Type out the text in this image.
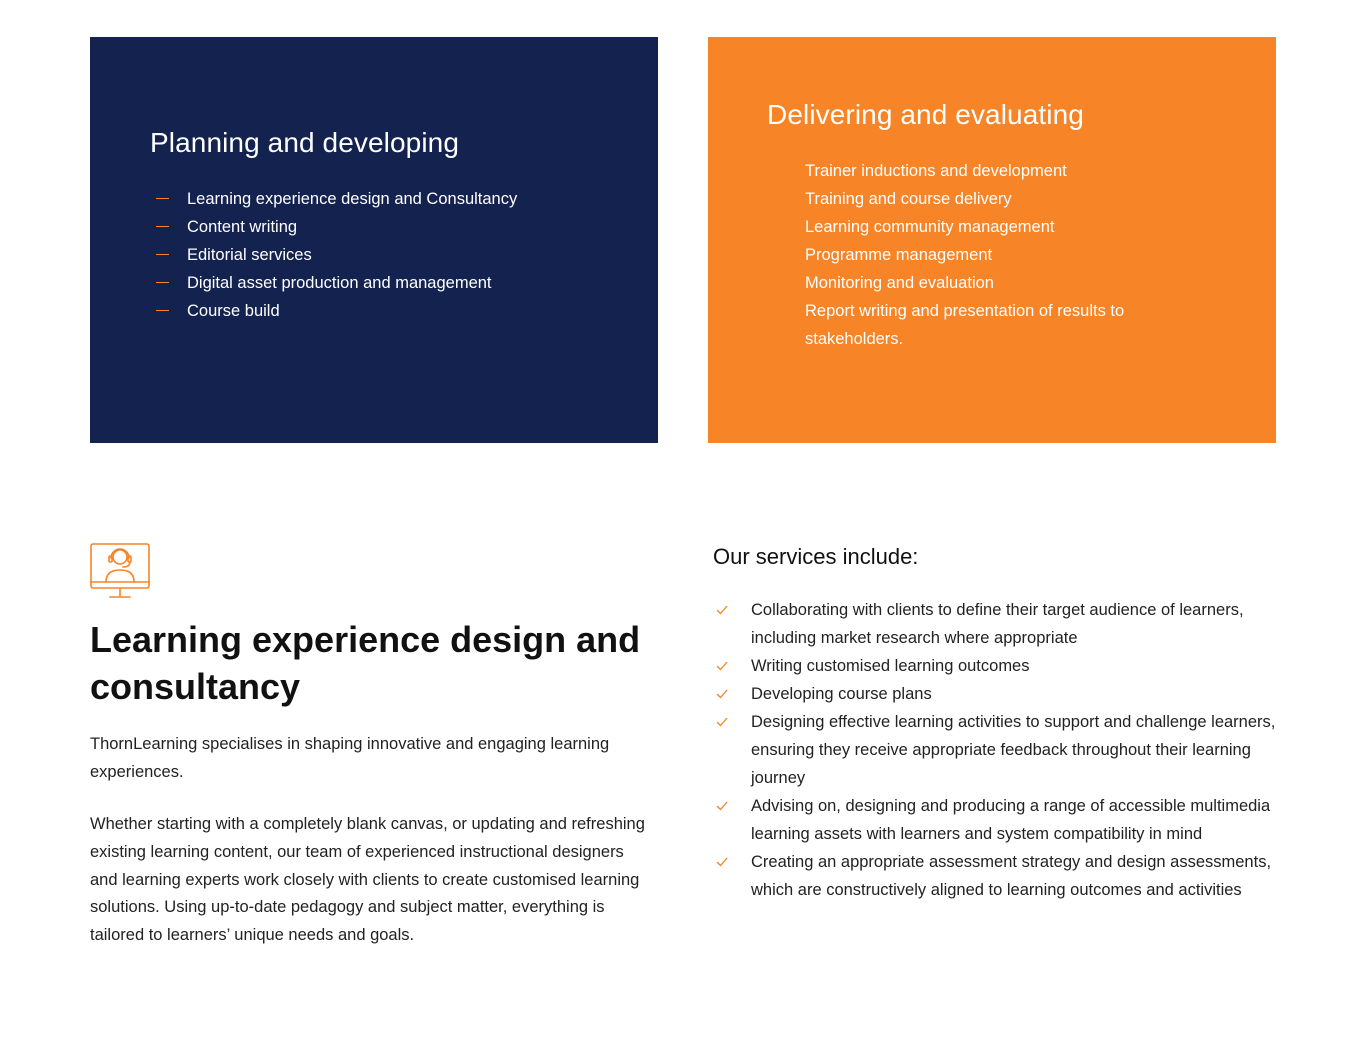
Planning and developing
Learning experience design and Consultancy
Content writing
Editorial services
Digital asset production and management
Course build
Delivering and evaluating
Trainer inductions and development
Training and course delivery
Learning community management
Programme management
Monitoring and evaluation
Report writing and presentation of results to stakeholders.
Learning experience design and consultancy

ThornLearning specialises in shaping innovative and engaging learning experiences.

Whether starting with a completely blank canvas, or updating and refreshing existing learning content, our team of experienced instructional designers and learning experts work closely with clients to create customised learning solutions. Using up-to-date pedagogy and subject matter, everything is tailored to learners’ unique needs and goals.

Our services include:
Collaborating with clients to define their target audience of learners, including market research where appropriate
Writing customised learning outcomes
Developing course plans
Designing effective learning activities to support and challenge learners, ensuring they receive appropriate feedback throughout their learning journey
Advising on, designing and producing a range of accessible multimedia learning assets with learners and system compatibility in mind
Creating an appropriate assessment strategy and design assessments, which are constructively aligned to learning outcomes and activities
